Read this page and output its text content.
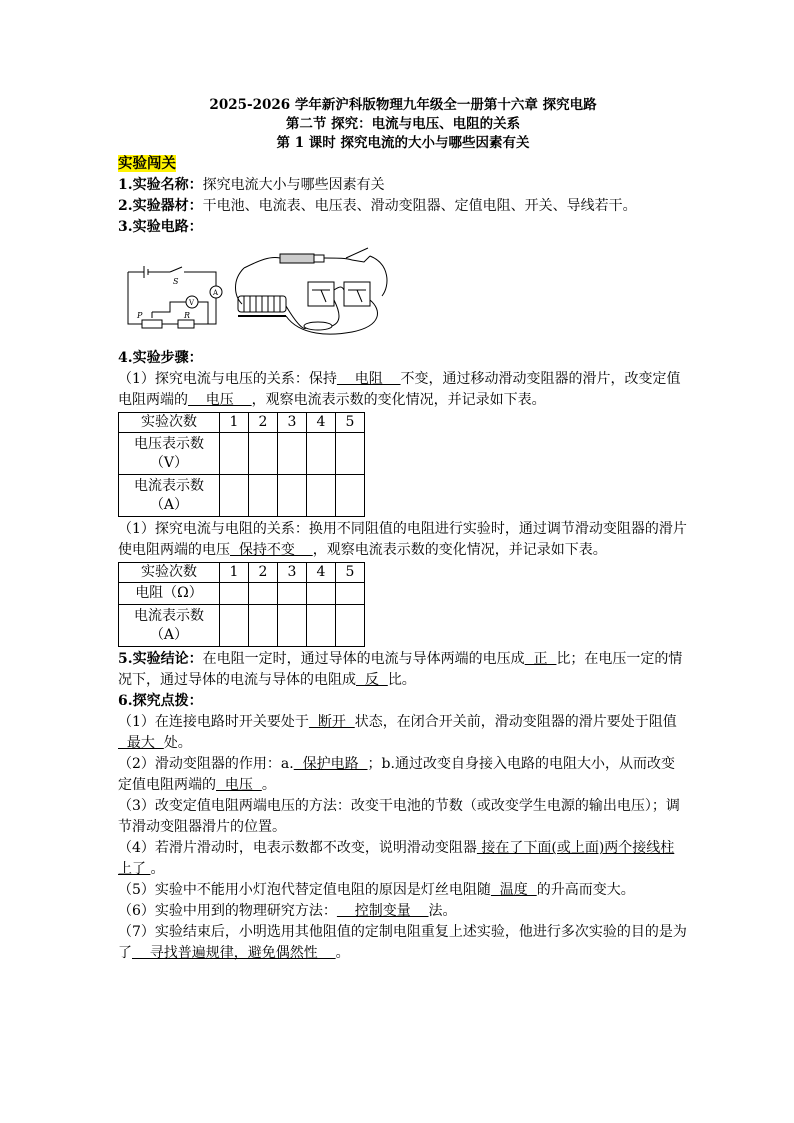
2025-2026 学年新沪科版物理九年级全一册第十六章 探究电路
第二节 探究：电流与电压、电阻的关系
第 1 课时 探究电流的大小与哪些因素有关

实验闯关

1.实验名称：探究电流大小与哪些因素有关

2.实验器材：干电池、电流表、电压表、滑动变阻器、定值电阻、开关、导线若干。

3.实验电路：

S
A
V
P	R

4.实验步骤：

（1）探究电流与电压的关系：保持    电阻    不变，通过移动滑动变阻器的滑片，改变定值电阻两端的    电压    ，观察电流表示数的变化情况，并记录如下表。

实验次数	1	2	3	4	5
电压表示数（V）					
电流表示数（A）					

（1）探究电流与电阻的关系：换用不同阻值的电阻进行实验时，通过调节滑动变阻器的滑片使电阻两端的电压  保持不变    ，观察电流表示数的变化情况，并记录如下表。

实验次数	1	2	3	4	5
电阻（Ω）					
电流表示数（A）					

5.实验结论：在电阻一定时，通过导体的电流与导体两端的电压成  正  比；在电压一定的情况下，通过导体的电流与导体的电阻成  反  比。

6.探究点拨：

（1）在连接电路时开关要处于  断开  状态，在闭合开关前，滑动变阻器的滑片要处于阻值  最大  处。

（2）滑动变阻器的作用：a.  保护电路  ；b.通过改变自身接入电路的电阻大小，从而改变定值电阻两端的  电压  。

（3）改变定值电阻两端电压的方法：改变干电池的节数（或改变学生电源的输出电压）；调节滑动变阻器滑片的位置。

（4）若滑片滑动时，电表示数都不改变，说明滑动变阻器 接在了下面(或上面)两个接线柱上了 。

（5）实验中不能用小灯泡代替定值电阻的原因是灯丝电阻随  温度  的升高而变大。

（6）实验中用到的物理研究方法：    控制变量    法。

（7）实验结束后，小明选用其他阻值的定制电阻重复上述实验，他进行多次实验的目的是为了    寻找普遍规律，避免偶然性    。
